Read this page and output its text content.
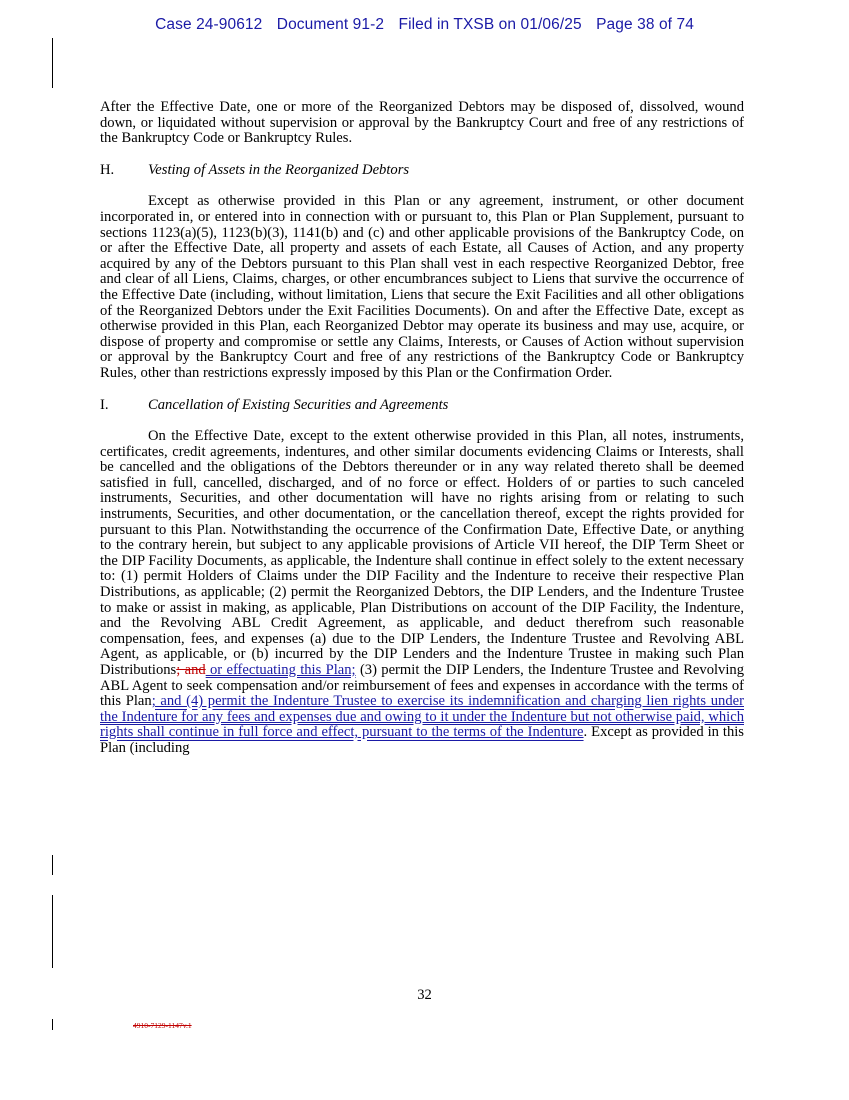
Case 24-90612 Document 91-2 Filed in TXSB on 01/06/25 Page 38 of 74

After the Effective Date, one or more of the Reorganized Debtors may be disposed of, dissolved, wound down, or liquidated without supervision or approval by the Bankruptcy Court and free of any restrictions of the Bankruptcy Code or Bankruptcy Rules.

H.	Vesting of Assets in the Reorganized Debtors

Except as otherwise provided in this Plan or any agreement, instrument, or other document incorporated in, or entered into in connection with or pursuant to, this Plan or Plan Supplement, pursuant to sections 1123(a)(5), 1123(b)(3), 1141(b) and (c) and other applicable provisions of the Bankruptcy Code, on or after the Effective Date, all property and assets of each Estate, all Causes of Action, and any property acquired by any of the Debtors pursuant to this Plan shall vest in each respective Reorganized Debtor, free and clear of all Liens, Claims, charges, or other encumbrances subject to Liens that survive the occurrence of the Effective Date (including, without limitation, Liens that secure the Exit Facilities and all other obligations of the Reorganized Debtors under the Exit Facilities Documents). On and after the Effective Date, except as otherwise provided in this Plan, each Reorganized Debtor may operate its business and may use, acquire, or dispose of property and compromise or settle any Claims, Interests, or Causes of Action without supervision or approval by the Bankruptcy Court and free of any restrictions of the Bankruptcy Code or Bankruptcy Rules, other than restrictions expressly imposed by this Plan or the Confirmation Order.

I.	Cancellation of Existing Securities and Agreements

On the Effective Date, except to the extent otherwise provided in this Plan, all notes, instruments, certificates, credit agreements, indentures, and other similar documents evidencing Claims or Interests, shall be cancelled and the obligations of the Debtors thereunder or in any way related thereto shall be deemed satisfied in full, cancelled, discharged, and of no force or effect. Holders of or parties to such canceled instruments, Securities, and other documentation will have no rights arising from or relating to such instruments, Securities, and other documentation, or the cancellation thereof, except the rights provided for pursuant to this Plan. Notwithstanding the occurrence of the Confirmation Date, Effective Date, or anything to the contrary herein, but subject to any applicable provisions of Article VII hereof, the DIP Term Sheet or the DIP Facility Documents, as applicable, the Indenture shall continue in effect solely to the extent necessary to: (1) permit Holders of Claims under the DIP Facility and the Indenture to receive their respective Plan Distributions, as applicable; (2) permit the Reorganized Debtors, the DIP Lenders, and the Indenture Trustee to make or assist in making, as applicable, Plan Distributions on account of the DIP Facility, the Indenture, and the Revolving ABL Credit Agreement, as applicable, and deduct therefrom such reasonable compensation, fees, and expenses (a) due to the DIP Lenders, the Indenture Trustee and Revolving ABL Agent, as applicable, or (b) incurred by the DIP Lenders and the Indenture Trustee in making such Plan Distributions; and or effectuating this Plan; (3) permit the DIP Lenders, the Indenture Trustee and Revolving ABL Agent to seek compensation and/or reimbursement of fees and expenses in accordance with the terms of this Plan; and (4) permit the Indenture Trustee to exercise its indemnification and charging lien rights under the Indenture for any fees and expenses due and owing to it under the Indenture but not otherwise paid, which rights shall continue in full force and effect, pursuant to the terms of the Indenture. Except as provided in this Plan (including

32
4910-7129-1147v.1
